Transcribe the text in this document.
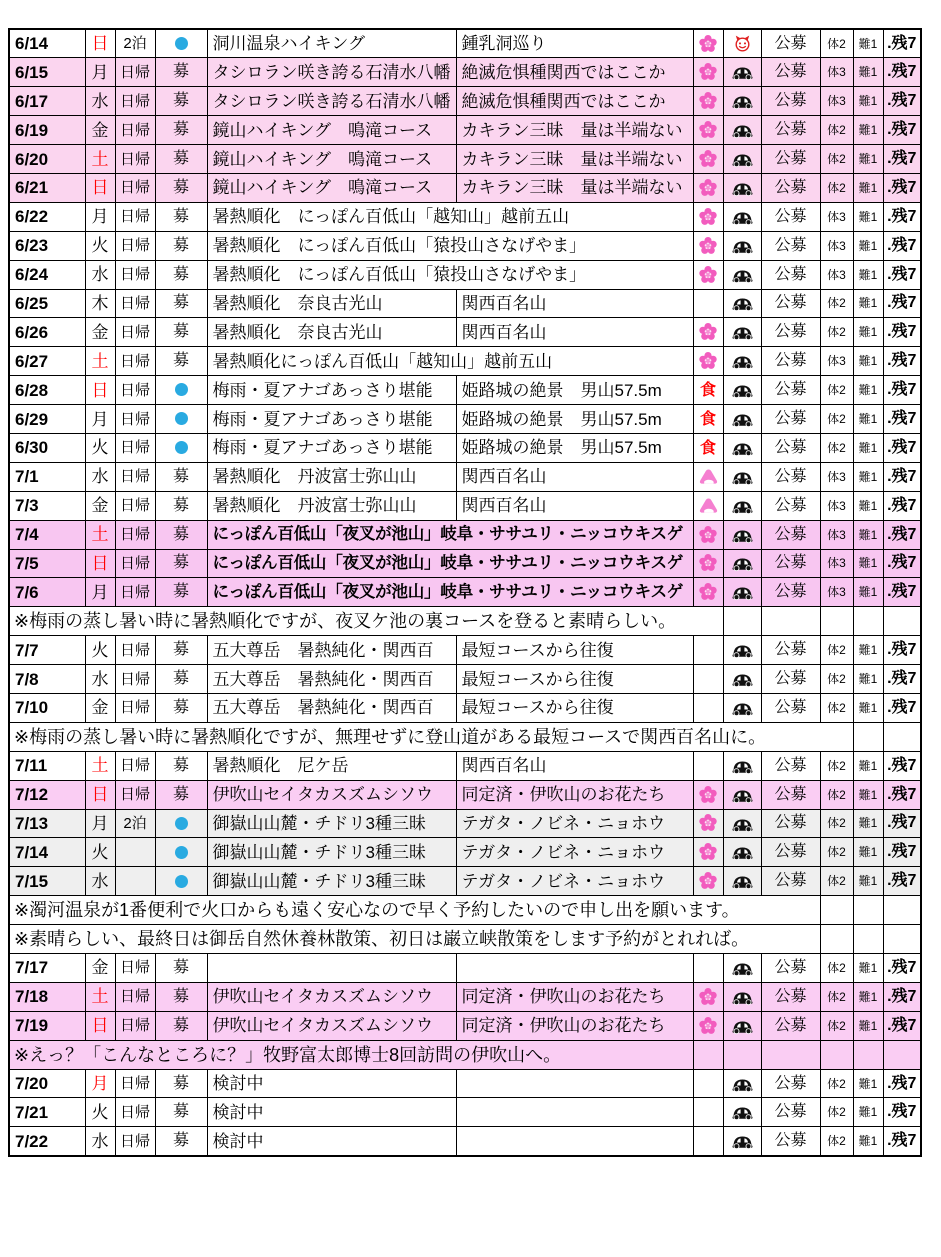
6/14	日	2泊		洞川温泉ハイキング	鍾乳洞巡り			公募	体2	難1	.残7
6/15	月	日帰	募	タシロラン咲き誇る石清水八幡	絶滅危惧種関西ではここか			公募	体3	難1	.残7
6/17	水	日帰	募	タシロラン咲き誇る石清水八幡	絶滅危惧種関西ではここか			公募	体3	難1	.残7
6/19	金	日帰	募	鏡山ハイキング　鳴滝コース	カキラン三昧　量は半端ない			公募	体2	難1	.残7
6/20	土	日帰	募	鏡山ハイキング　鳴滝コース	カキラン三昧　量は半端ない			公募	体2	難1	.残7
6/21	日	日帰	募	鏡山ハイキング　鳴滝コース	カキラン三昧　量は半端ない			公募	体2	難1	.残7
6/22	月	日帰	募	暑熱順化　にっぽん百低山「越知山」越前五山				公募	体3	難1	.残7
6/23	火	日帰	募	暑熱順化　にっぽん百低山「猿投山さなげやま」				公募	体3	難1	.残7
6/24	水	日帰	募	暑熱順化　にっぽん百低山「猿投山さなげやま」				公募	体3	難1	.残7
6/25	木	日帰	募	暑熱順化　奈良古光山	関西百名山			公募	体2	難1	.残7
6/26	金	日帰	募	暑熱順化　奈良古光山	関西百名山			公募	体2	難1	.残7
6/27	土	日帰	募	暑熱順化にっぽん百低山「越知山」越前五山				公募	体3	難1	.残7
6/28	日	日帰		梅雨・夏アナゴあっさり堪能	姫路城の絶景　男山57.5m	食		公募	体2	難1	.残7
6/29	月	日帰		梅雨・夏アナゴあっさり堪能	姫路城の絶景　男山57.5m	食		公募	体2	難1	.残7
6/30	火	日帰		梅雨・夏アナゴあっさり堪能	姫路城の絶景　男山57.5m	食		公募	体2	難1	.残7
7/1	水	日帰	募	暑熱順化　丹波富士弥山山	関西百名山			公募	体3	難1	.残7
7/3	金	日帰	募	暑熱順化　丹波富士弥山山	関西百名山			公募	体3	難1	.残7
7/4	土	日帰	募	にっぽん百低山「夜叉が池山」岐阜・ササユリ・ニッコウキスゲ				公募	体3	難1	.残7
7/5	日	日帰	募	にっぽん百低山「夜叉が池山」岐阜・ササユリ・ニッコウキスゲ				公募	体3	難1	.残7
7/6	月	日帰	募	にっぽん百低山「夜叉が池山」岐阜・ササユリ・ニッコウキスゲ				公募	体3	難1	.残7
※梅雨の蒸し暑い時に暑熱順化ですが、夜叉ケ池の裏コースを登ると素晴らしい。											
7/7	火	日帰	募	五大尊岳　暑熱純化・関西百	最短コースから往復			公募	体2	難1	.残7
7/8	水	日帰	募	五大尊岳　暑熱純化・関西百	最短コースから往復			公募	体2	難1	.残7
7/10	金	日帰	募	五大尊岳　暑熱純化・関西百	最短コースから往復			公募	体2	難1	.残7
※梅雨の蒸し暑い時に暑熱順化ですが、無理せずに登山道がある最短コースで関西百名山に。											
7/11	土	日帰	募	暑熱順化　尼ケ岳	関西百名山			公募	体2	難1	.残7
7/12	日	日帰	募	伊吹山セイタカスズムシソウ	同定済・伊吹山のお花たち			公募	体2	難1	.残7
7/13	月	2泊		御嶽山山麓・チドリ3種三昧	テガタ・ノビネ・ニョホウ			公募	体2	難1	.残7
7/14	火			御嶽山山麓・チドリ3種三昧	テガタ・ノビネ・ニョホウ			公募	体2	難1	.残7
7/15	水			御嶽山山麓・チドリ3種三昧	テガタ・ノビネ・ニョホウ			公募	体2	難1	.残7
※濁河温泉が1番便利で火口からも遠く安心なので早く予約したいので申し出を願います。											
※素晴らしい、最終日は御岳自然休養林散策、初日は巌立峡散策をします予約がとれれば。											
7/17	金	日帰	募					公募	体2	難1	.残7
7/18	土	日帰	募	伊吹山セイタカスズムシソウ	同定済・伊吹山のお花たち			公募	体2	難1	.残7
7/19	日	日帰	募	伊吹山セイタカスズムシソウ	同定済・伊吹山のお花たち			公募	体2	難1	.残7
※えっ？「こんなところに？」牧野富太郎博士8回訪問の伊吹山へ。											
7/20	月	日帰	募	検討中				公募	体2	難1	.残7
7/21	火	日帰	募	検討中				公募	体2	難1	.残7
7/22	水	日帰	募	検討中				公募	体2	難1	.残7
